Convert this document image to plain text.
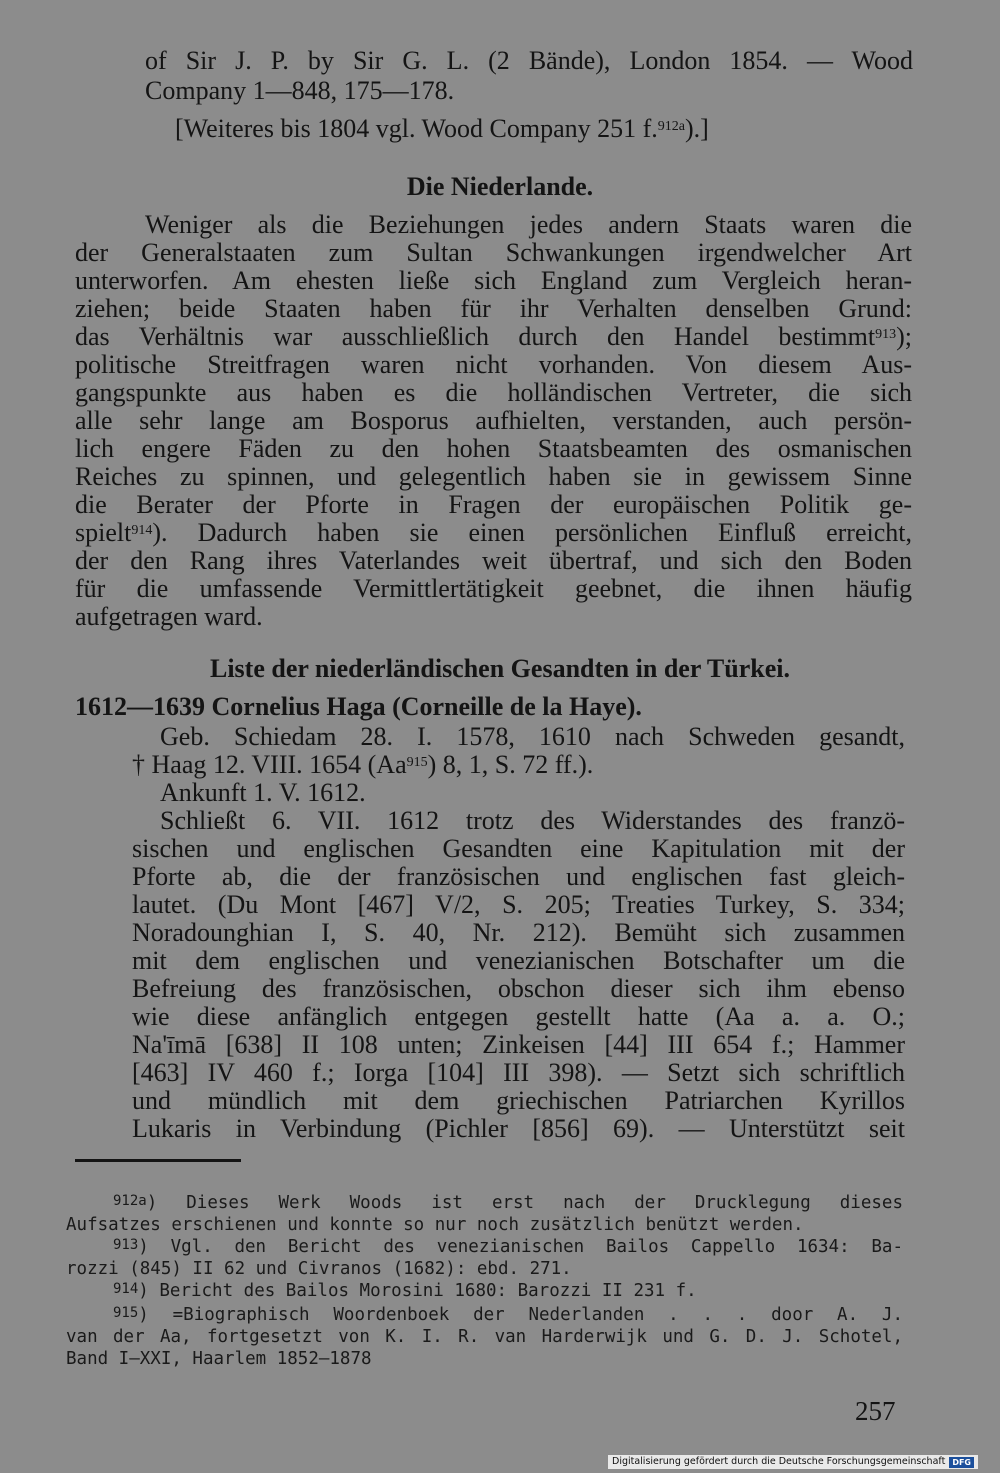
of Sir J. P. by Sir G. L. (2 Bände), London 1854. — Wood
Company 1—848, 175—178.
[Weiteres bis 1804 vgl. Wood Company 251 f.$^{912a}$).]
Die Niederlande.
Weniger als die Beziehungen jedes andern Staats waren die
der Generalstaaten zum Sultan Schwankungen irgendwelcher Art
unterworfen. Am ehesten ließe sich England zum Vergleich heran-
ziehen; beide Staaten haben für ihr Verhalten denselben Grund:
das Verhältnis war ausschließlich durch den Handel bestimmt$^{913}$);
politische Streitfragen waren nicht vorhanden. Von diesem Aus-
gangspunkte aus haben es die holländischen Vertreter, die sich
alle sehr lange am Bosporus aufhielten, verstanden, auch persön-
lich engere Fäden zu den hohen Staatsbeamten des osmanischen
Reiches zu spinnen, und gelegentlich haben sie in gewissem Sinne
die Berater der Pforte in Fragen der europäischen Politik ge-
spielt$^{914}$). Dadurch haben sie einen persönlichen Einfluß erreicht,
der den Rang ihres Vaterlandes weit übertraf, und sich den Boden
für die umfassende Vermittlertätigkeit geebnet, die ihnen häufig
aufgetragen ward.
Liste der niederländischen Gesandten in der Türkei.
1612—1639 Cornelius Haga (Corneille de la Haye).
Geb. Schiedam 28. I. 1578, 1610 nach Schweden gesandt,
† Haag 12. VIII. 1654 (Aa$^{915}$) 8, 1, S. 72 ff.).
Ankunft 1. V. 1612.
Schließt 6. VII. 1612 trotz des Widerstandes des franzö-
sischen und englischen Gesandten eine Kapitulation mit der
Pforte ab, die der französischen und englischen fast gleich-
lautet. (Du Mont [467] V/2, S. 205; Treaties Turkey, S. 334;
Noradounghian I, S. 40, Nr. 212). Bemüht sich zusammen
mit dem englischen und venezianischen Botschafter um die
Befreiung des französischen, obschon dieser sich ihm ebenso
wie diese anfänglich entgegen gestellt hatte (Aa a. a. O.;
Na'īmā [638] II 108 unten; Zinkeisen [44] III 654 f.; Hammer
[463] IV 460 f.; Iorga [104] III 398). — Setzt sich schriftlich
und mündlich mit dem griechischen Patriarchen Kyrillos
Lukaris in Verbindung (Pichler [856] 69). — Unterstützt seit
$^{912a}$) Dieses Werk Woods ist erst nach der Drucklegung dieses
Aufsatzes erschienen und konnte so nur noch zusätzlich benützt werden.
$^{913}$) Vgl. den Bericht des venezianischen Bailos Cappello 1634: Ba-
rozzi (845) II 62 und Civranos (1682): ebd. 271.
$^{914}$) Bericht des Bailos Morosini 1680: Barozzi II 231 f.
$^{915}$) =Biographisch Woordenboek der Nederlanden . . . door A. J.
van der Aa, fortgesetzt von K. I. R. van Harderwijk und G. D. J. Schotel,
Band I—XXI, Haarlem 1852—1878
257
Digitalisierung gefördert durch die Deutsche Forschungsgemeinschaft DFG
